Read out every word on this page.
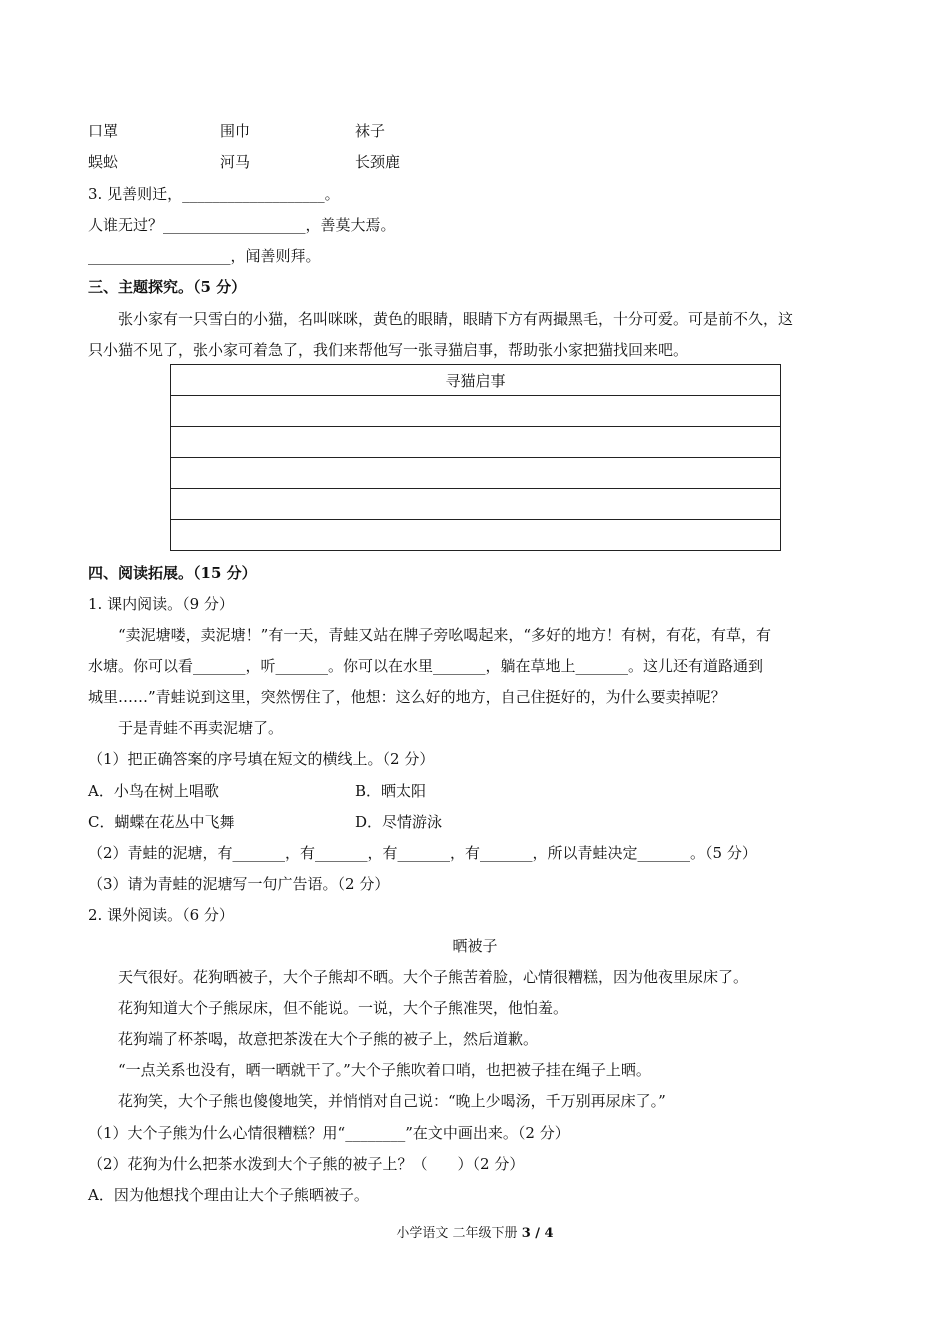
口罩	围巾	袜子
蜈蚣	河马	长颈鹿
3. 见善则迁，___________________。
人谁无过？___________________，善莫大焉。
___________________，闻善则拜。
三、主题探究。（5 分）
张小家有一只雪白的小猫，名叫咪咪，黄色的眼睛，眼睛下方有两撮黑毛，十分可爱。可是前不久，这
只小猫不见了，张小家可着急了，我们来帮他写一张寻猫启事，帮助张小家把猫找回来吧。
寻猫启事

四、阅读拓展。（15 分）
1. 课内阅读。（9 分）
“卖泥塘喽，卖泥塘！”有一天，青蛙又站在牌子旁吆喝起来，“多好的地方！有树，有花，有草，有
水塘。你可以看_______，听_______。你可以在水里_______，躺在草地上_______。这儿还有道路通到
城里……”青蛙说到这里，突然愣住了，他想：这么好的地方，自己住挺好的，为什么要卖掉呢？
于是青蛙不再卖泥塘了。
（1）把正确答案的序号填在短文的横线上。（2 分）
A．小鸟在树上唱歌	B．晒太阳
C．蝴蝶在花丛中飞舞	D．尽情游泳
（2）青蛙的泥塘，有_______，有_______，有_______，有_______，所以青蛙决定_______。（5 分）
（3）请为青蛙的泥塘写一句广告语。（2 分）
2. 课外阅读。（6 分）
晒被子
天气很好。花狗晒被子，大个子熊却不晒。大个子熊苦着脸，心情很糟糕，因为他夜里尿床了。
花狗知道大个子熊尿床，但不能说。一说，大个子熊准哭，他怕羞。
花狗端了杯茶喝，故意把茶泼在大个子熊的被子上，然后道歉。
“一点关系也没有，晒一晒就干了。”大个子熊吹着口哨，也把被子挂在绳子上晒。
花狗笑，大个子熊也傻傻地笑，并悄悄对自己说：“晚上少喝汤，千万别再尿床了。”
（1）大个子熊为什么心情很糟糕？用“________”在文中画出来。（2 分）
（2）花狗为什么把茶水泼到大个子熊的被子上？（　　）（2 分）
A．因为他想找个理由让大个子熊晒被子。
小学语文 二年级下册 3 / 4
